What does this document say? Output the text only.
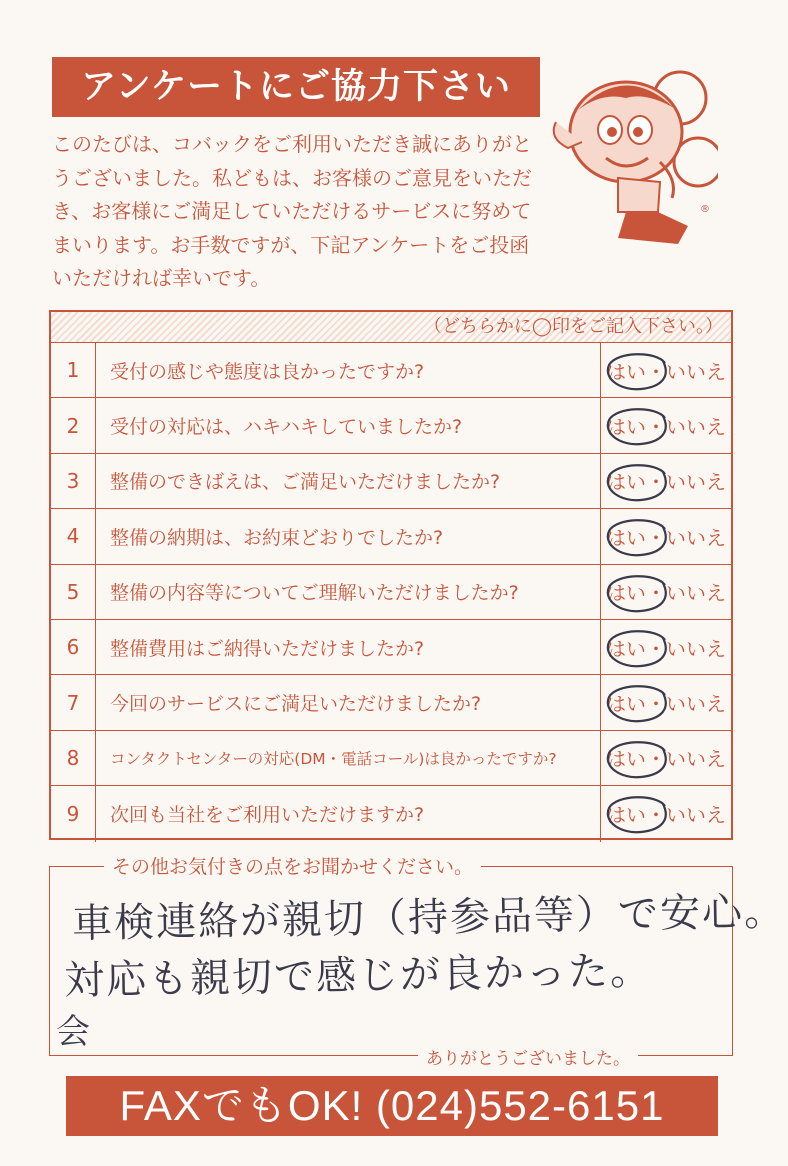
アンケートにご協力下さい
このたびは、コバックをご利用いただき誠にありがとうございました。私どもは、お客様のご意見をいただき、お客様にご満足していただけるサービスに努めてまいります。お手数ですが、下記アンケートをご投函いただければ幸いです。
®
（どちらかに◯印をご記入下さい。）
1	受付の感じや態度は良かったですか?	はい・いいえ
2	受付の対応は、ハキハキしていましたか?	はい・いいえ
3	整備のできばえは、ご満足いただけましたか?	はい・いいえ
4	整備の納期は、お約束どおりでしたか?	はい・いいえ
5	整備の内容等についてご理解いただけましたか?	はい・いいえ
6	整備費用はご納得いただけましたか?	はい・いいえ
7	今回のサービスにご満足いただけましたか?	はい・いいえ
8	コンタクトセンターの対応(DM・電話コール)は良かったですか?	はい・いいえ
9	次回も当社をご利用いただけますか?	はい・いいえ
その他お気付きの点をお聞かせください。
車検連絡が親切（持参品等）で安心。
対応も親切で感じが良かった。
会
ありがとうございました。
FAXでもOK! (024)552-6151
